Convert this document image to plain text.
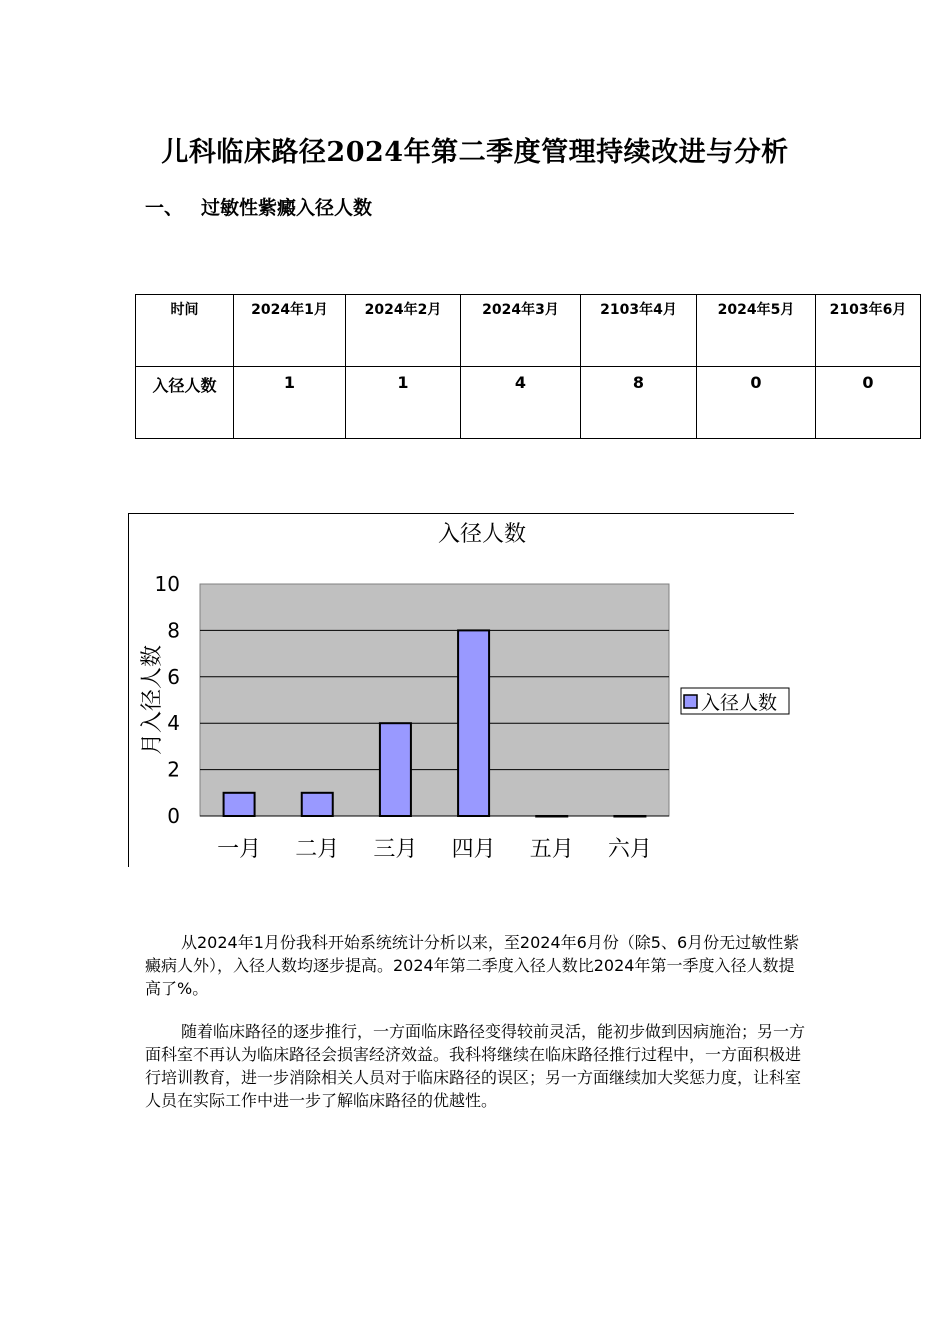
儿科临床路径2024年第二季度管理持续改进与分析
一、 过敏性紫癜入径人数
时间	2024年1月	2024年2月	2024年3月	2103年4月	2024年5月	2103年6月
入径人数	1	1	4	8	0	0
0
2
4
6
8
10
一月 二月 三月 四月 五月 六月
入径人数
月入径人数	入径人数
从2024年1月份我科开始系统统计分析以来，至2024年6月份（除5、6月份无过敏性紫癜病人外），入径人数均逐步提高。2024年第二季度入径人数比2024年第一季度入径人数提高了%。
随着临床路径的逐步推行，一方面临床路径变得较前灵活，能初步做到因病施治；另一方面科室不再认为临床路径会损害经济效益。我科将继续在临床路径推行过程中，一方面积极进行培训教育，进一步消除相关人员对于临床路径的误区；另一方面继续加大奖惩力度，让科室人员在实际工作中进一步了解临床路径的优越性。
